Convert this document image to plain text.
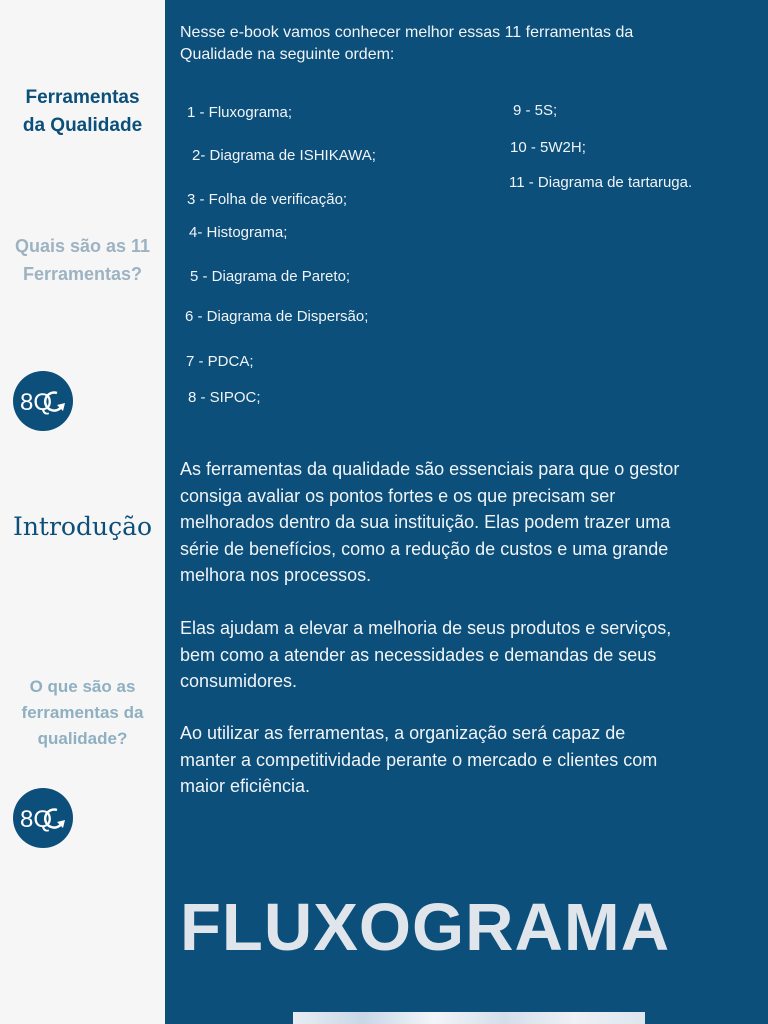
Ferramentas
da Qualidade
Quais são as 11
Ferramentas?
8Q
Introdução
O que são as
ferramentas da
qualidade?
8Q
Nesse e-book vamos conhecer melhor essas 11 ferramentas da
Qualidade na seguinte ordem:
1 - Fluxograma;
2- Diagrama de ISHIKAWA;
3 - Folha de verificação;
4- Histograma;
5 - Diagrama de Pareto;
6 - Diagrama de Dispersão;
7 - PDCA;
8 - SIPOC;
9 - 5S;
10 - 5W2H;
11 - Diagrama de tartaruga.
As ferramentas da qualidade são essenciais para que o gestor
consiga avaliar os pontos fortes e os que precisam ser
melhorados dentro da sua instituição. Elas podem trazer uma
série de benefícios, como a redução de custos e uma grande
melhora nos processos.
Elas ajudam a elevar a melhoria de seus produtos e serviços,
bem como a atender as necessidades e demandas de seus
consumidores.
Ao utilizar as ferramentas, a organização será capaz de
manter a competitividade perante o mercado e clientes com
maior eficiência.
FLUXOGRAMA
